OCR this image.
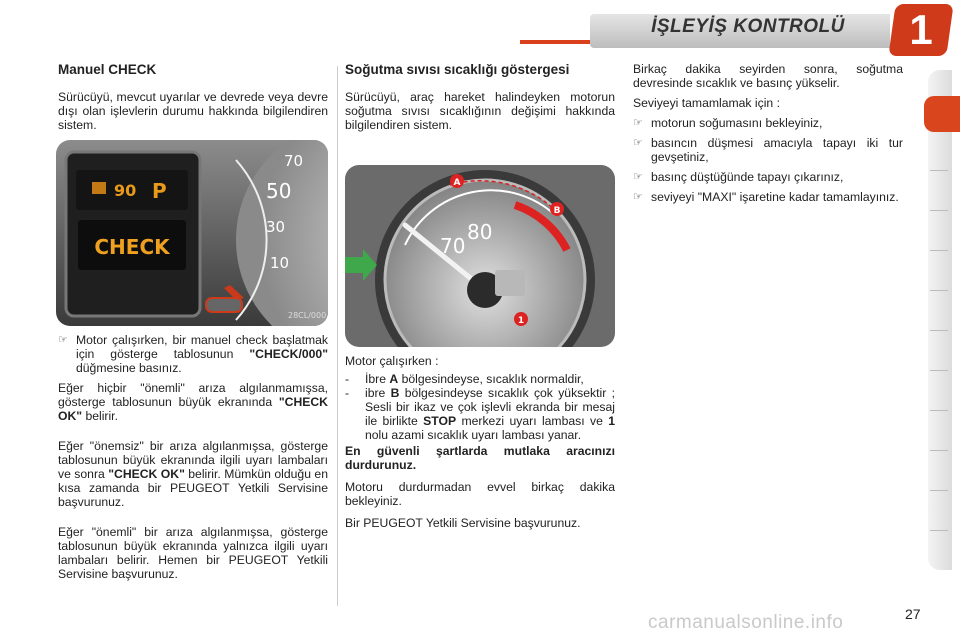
İŞLEYİŞ KONTROLÜ	1
Manuel CHECK

Sürücüyü, mevcut uyarılar ve devrede veya devre dışı olan işlevlerin durumu hakkında bilgilendiren sistem.

70
50
30
10
28CL/000
90 P
CHECK
☞ Motor çalışırken, bir manuel check başlatmak için gösterge tablosunun "CHECK/000" düğmesine basınız.

Eğer hiçbir "önemli" arıza algılanmamışsa, gösterge tablosunun büyük ekranında "CHECK OK" belirir.

Eğer "önemsiz" bir arıza algılanmışsa, gösterge tablosunun büyük ekranında ilgili uyarı lambaları ve sonra "CHECK OK" belirir. Mümkün olduğu en kısa zamanda bir PEUGEOT Yetkili Servisine başvurunuz.

Eğer "önemli" bir arıza algılanmışsa, gösterge tablosunun büyük ekranında yalnızca ilgili uyarı lambaları belirir. Hemen bir PEUGEOT Yetkili Servisine başvurunuz.

Soğutma sıvısı sıcaklığı göstergesi

Sürücüyü, araç hareket halindeyken motorun soğutma sıvısı sıcaklığının değişimi hakkında bilgilendiren sistem.

70
80
A
B
1

Motor çalışırken :

- İbre A bölgesindeyse, sıcaklık normaldir,
- ibre B bölgesindeyse sıcaklık çok yüksektir ; Sesli bir ikaz ve çok işlevli ekranda bir mesaj ile birlikte STOP merkezi uyarı lambası ve 1 nolu azami sıcaklık uyarı lambası yanar.

En güvenli şartlarda mutlaka aracınızı durdurunuz.

Motoru durdurmadan evvel birkaç dakika bekleyiniz.

Bir PEUGEOT Yetkili Servisine başvurunuz.

Birkaç dakika seyirden sonra, soğutma devresinde sıcaklık ve basınç yükselir.

Seviyeyi tamamlamak için :

☞ motorun soğumasını bekleyiniz,
☞ basıncın düşmesi amacıyla tapayı iki tur gevşetiniz,
☞ basınç düştüğünde tapayı çıkarınız,
☞ seviyeyi "MAXI" işaretine kadar tamamlayınız.
carmanualsonline.info	27
